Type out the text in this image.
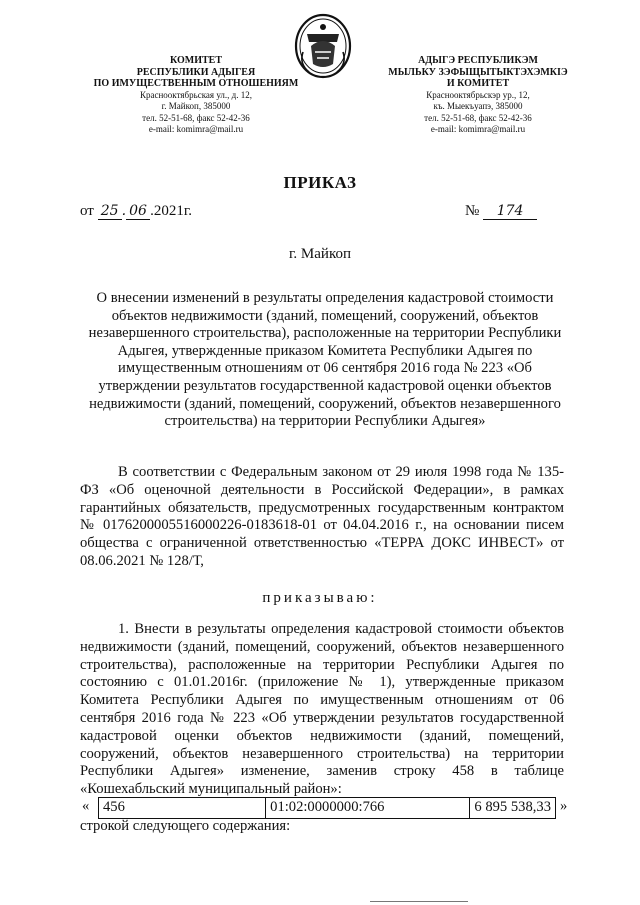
КОМИТЕТ
РЕСПУБЛИКИ АДЫГЕЯ
ПО ИМУЩЕСТВЕННЫМ ОТНОШЕНИЯМ
Красноoктябрьская ул., д. 12,
г. Майкоп, 385000
тел. 52-51-68, факс 52-42-36
e-mail: komimra@mail.ru
АДЫГЭ РЕСПУБЛИКЭМ
МЫЛЬКУ ЗЭФЫЩЫТЫКТЭХЭМКIЭ
И КОМИТЕТ
Красноoктябрьскэр ур., 12,
къ. Мыекъуапэ, 385000
тел. 52-51-68, факс 52-42-36
e-mail: komimra@mail.ru
ПРИКАЗ
от 25 . 06 .2021г.	№ 174
г. Майкоп
О внесении изменений в результаты определения кадастровой стоимости объектов недвижимости (зданий, помещений, сооружений, объектов незавершенного строительства), расположенные на территории Республики Адыгея, утвержденные приказом Комитета Республики Адыгея по имущественным отношениям от 06 сентября 2016 года № 223 «Об утверждении результатов государственной кадастровой оценки объектов недвижимости (зданий, помещений, сооружений, объектов незавершенного строительства) на территории Республики Адыгея»
В соответствии с Федеральным законом от 29 июля 1998 года № 135-ФЗ «Об оценочной деятельности в Российской Федерации», в рамках гарантийных обязательств, предусмотренных государственным контрактом № 0176200005516000226-0183618-01 от 04.04.2016 г., на основании писем общества с ограниченной ответственностью «ТЕРРА ДОКС ИНВЕСТ» от 08.06.2021 № 128/Т,
приказываю:
1. Внести в результаты определения кадастровой стоимости объектов недвижимости (зданий, помещений, сооружений, объектов незавершенного строительства), расположенные на территории Республики Адыгея по состоянию с 01.01.2016г. (приложение № 1), утвержденные приказом Комитета Республики Адыгея по имущественным отношениям от 06 сентября 2016 года № 223 «Об утверждении результатов государственной кадастровой оценки объектов недвижимости (зданий, помещений, сооружений, объектов незавершенного строительства) на территории Республики Адыгея» изменение, заменив строку 458 в таблице «Кошехабльский муниципальный район»:
« 456	01:02:0000000:766	6 895 538,33 »
строкой следующего содержания:
